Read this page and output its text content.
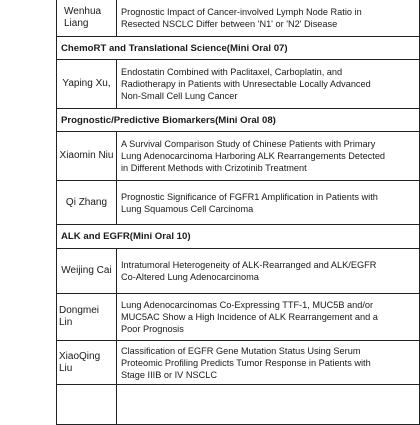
Wenhua
Liang
Prognostic Impact of Cancer-involved Lymph Node Ratio in
Resected NSCLC Differ between 'N1' or 'N2' Disease
ChemoRT and Translational Science(Mini Oral 07)
Yaping Xu,
Endostatin Combined with Paclitaxel, Carboplatin, and
Radiotherapy in Patients with Unresectable Locally Advanced
Non-Small Cell Lung Cancer
Prognostic/Predictive Biomarkers(Mini Oral 08)
Xiaomin Niu
A Survival Comparison Study of Chinese Patients with Primary
Lung Adenocarcinoma Harboring ALK Rearrangements Detected
in Different Methods with Crizotinib Treatment
Qi Zhang	Prognostic Significance of FGFR1 Amplification in Patients with
Lung Squamous Cell Carcinoma
ALK and EGFR(Mini Oral 10)
Weijing Cai	Intratumoral Heterogeneity of ALK-Rearranged and ALK/EGFR
Co-Altered Lung Adenocarcinoma
Dongmei Lin
Lung Adenocarcinomas Co-Expressing TTF-1, MUC5B and/or
MUC5AC Show a High Incidence of ALK Rearrangement and a
Poor Prognosis
XiaoQing Liu
Classification of EGFR Gene Mutation Status Using Serum
Proteomic Profiling Predicts Tumor Response in Patients with
Stage IIIB or IV NSCLC
